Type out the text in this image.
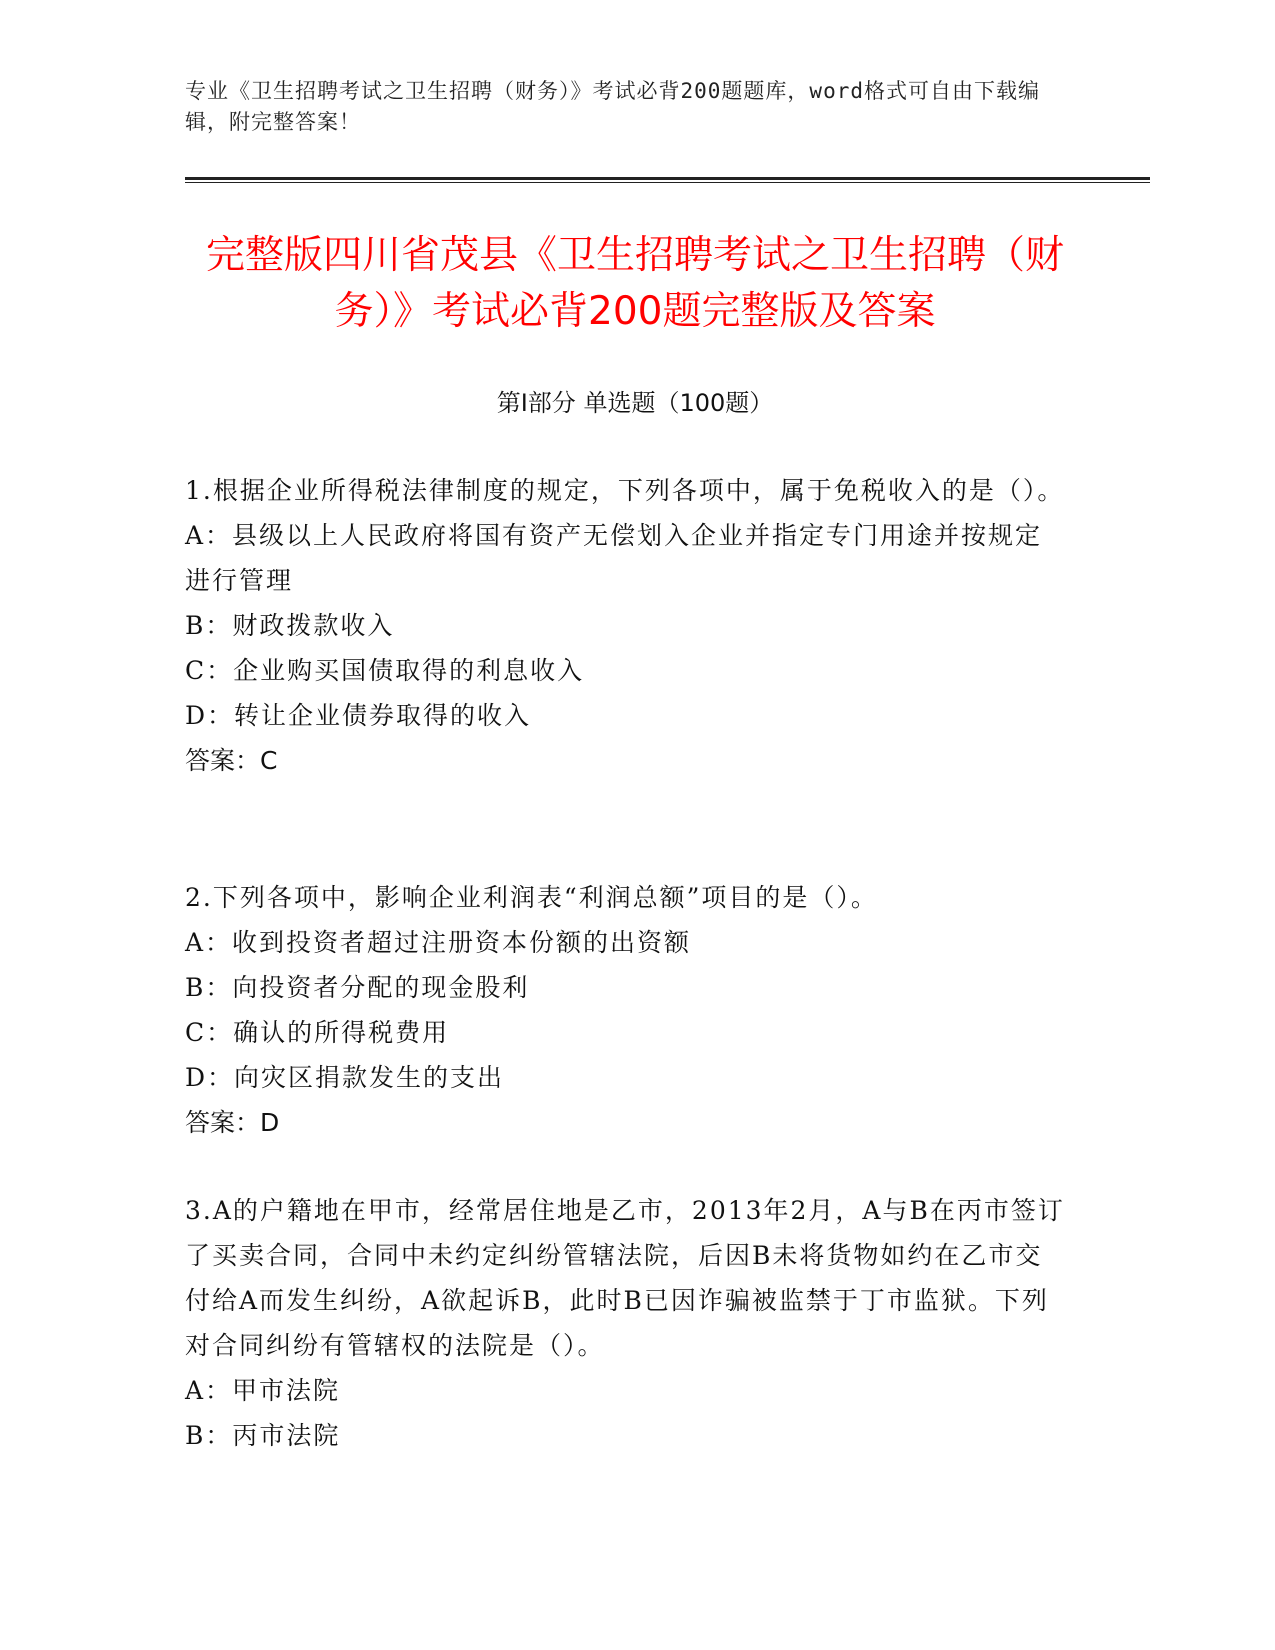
专业《卫生招聘考试之卫生招聘（财务）》考试必背200题题库，word格式可自由下载编辑，附完整答案！
完整版四川省茂县《卫生招聘考试之卫生招聘（财务）》考试必背200题完整版及答案
第Ⅰ部分 单选题（100题）

1.根据企业所得税法律制度的规定，下列各项中，属于免税收入的是（）。

A：县级以上人民政府将国有资产无偿划入企业并指定专门用途并按规定进行管理

B：财政拨款收入

C：企业购买国债取得的利息收入

D：转让企业债券取得的收入

答案：C

2.下列各项中，影响企业利润表“利润总额”项目的是（）。

A：收到投资者超过注册资本份额的出资额

B：向投资者分配的现金股利

C：确认的所得税费用

D：向灾区捐款发生的支出

答案：D

3.A的户籍地在甲市，经常居住地是乙市，2013年2月，A与B在丙市签订了买卖合同，合同中未约定纠纷管辖法院，后因B未将货物如约在乙市交付给A而发生纠纷，A欲起诉B，此时B已因诈骗被监禁于丁市监狱。下列对合同纠纷有管辖权的法院是（）。

A：甲市法院

B：丙市法院
